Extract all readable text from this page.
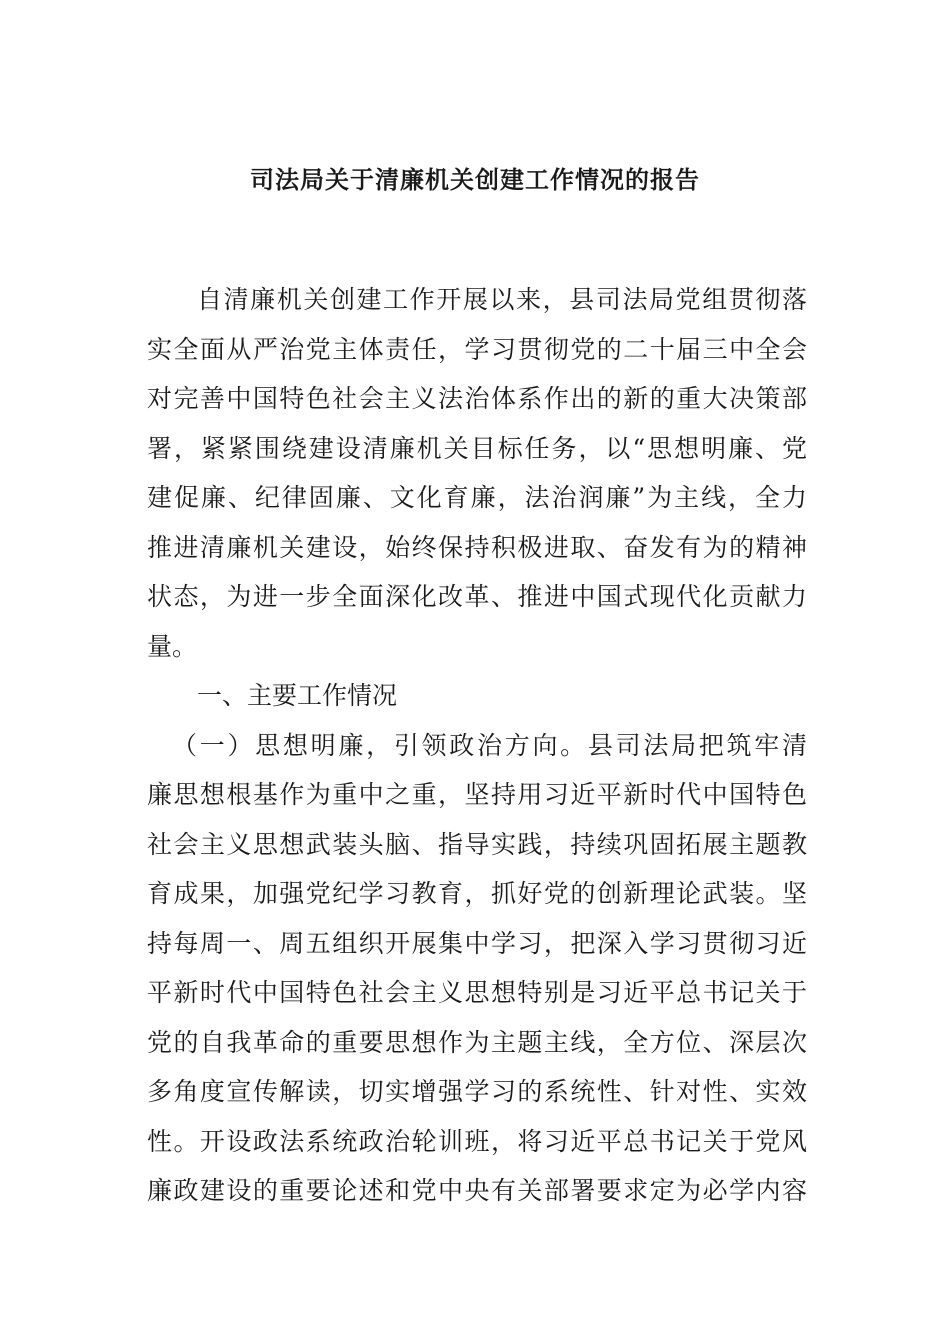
司法局关于清廉机关创建工作情况的报告
自清廉机关创建工作开展以来，县司法局党组贯彻落
实全面从严治党主体责任，学习贯彻党的二十届三中全会
对完善中国特色社会主义法治体系作出的新的重大决策部
署，紧紧围绕建设清廉机关目标任务，以“思想明廉、党
建促廉、纪律固廉、文化育廉，法治润廉”为主线，全力
推进清廉机关建设，始终保持积极进取、奋发有为的精神
状态，为进一步全面深化改革、推进中国式现代化贡献力
量。
一、主要工作情况
（一）思想明廉，引领政治方向。县司法局把筑牢清
廉思想根基作为重中之重，坚持用习近平新时代中国特色
社会主义思想武装头脑、指导实践，持续巩固拓展主题教
育成果，加强党纪学习教育，抓好党的创新理论武装。坚
持每周一、周五组织开展集中学习，把深入学习贯彻习近
平新时代中国特色社会主义思想特别是习近平总书记关于
党的自我革命的重要思想作为主题主线，全方位、深层次
多角度宣传解读，切实增强学习的系统性、针对性、实效
性。开设政法系统政治轮训班，将习近平总书记关于党风
廉政建设的重要论述和党中央有关部署要求定为必学内容
